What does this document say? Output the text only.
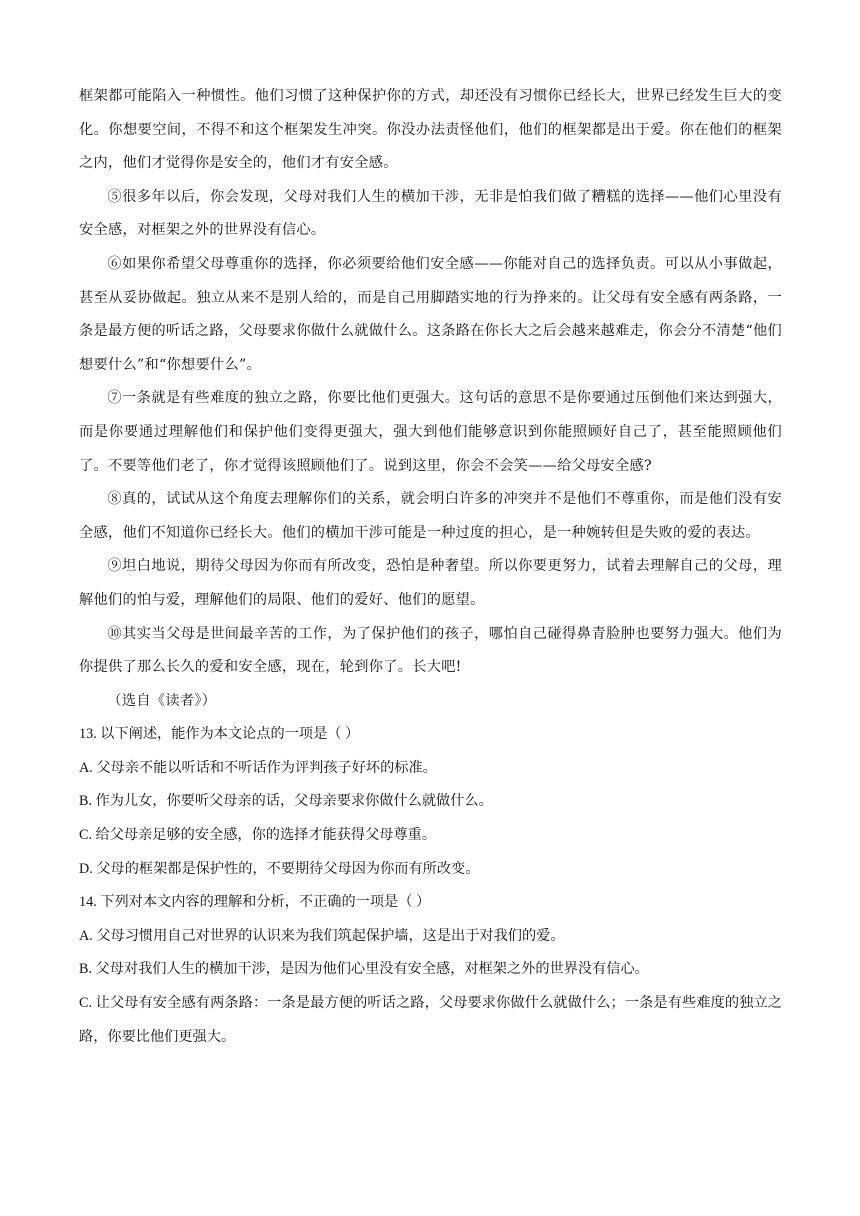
框架都可能陷入一种惯性。他们习惯了这种保护你的方式，却还没有习惯你已经长大，世界已经发生巨大的变化。你想要空间，不得不和这个框架发生冲突。你没办法责怪他们，他们的框架都是出于爱。你在他们的框架之内，他们才觉得你是安全的，他们才有安全感。

⑤很多年以后，你会发现，父母对我们人生的横加干涉，无非是怕我们做了糟糕的选择——他们心里没有安全感，对框架之外的世界没有信心。

⑥如果你希望父母尊重你的选择，你必须要给他们安全感——你能对自己的选择负责。可以从小事做起，甚至从妥协做起。独立从来不是别人给的，而是自己用脚踏实地的行为挣来的。让父母有安全感有两条路，一条是最方便的听话之路，父母要求你做什么就做什么。这条路在你长大之后会越来越难走，你会分不清楚“他们想要什么”和“你想要什么”。

⑦一条就是有些难度的独立之路，你要比他们更强大。这句话的意思不是你要通过压倒他们来达到强大，而是你要通过理解他们和保护他们变得更强大，强大到他们能够意识到你能照顾好自己了，甚至能照顾他们了。不要等他们老了，你才觉得该照顾他们了。说到这里，你会不会笑——给父母安全感?

⑧真的，试试从这个角度去理解你们的关系，就会明白许多的冲突并不是他们不尊重你，而是他们没有安全感，他们不知道你已经长大。他们的横加干涉可能是一种过度的担心，是一种婉转但是失败的爱的表达。

⑨坦白地说，期待父母因为你而有所改变，恐怕是种奢望。所以你要更努力，试着去理解自己的父母，理解他们的怕与爱，理解他们的局限、他们的爱好、他们的愿望。

⑩其实当父母是世间最辛苦的工作，为了保护他们的孩子，哪怕自己碰得鼻青脸肿也要努力强大。他们为你提供了那么长久的爱和安全感，现在，轮到你了。长大吧!

（选自《读者》）

13. 以下阐述，能作为本文论点的一项是（ ）

A. 父母亲不能以听话和不听话作为评判孩子好坏的标准。

B. 作为儿女，你要听父母亲的话，父母亲要求你做什么就做什么。

C. 给父母亲足够的安全感，你的选择才能获得父母尊重。

D. 父母的框架都是保护性的，不要期待父母因为你而有所改变。

14. 下列对本文内容的理解和分析，不正确的一项是（ ）

A. 父母习惯用自己对世界的认识来为我们筑起保护墙，这是出于对我们的爱。

B. 父母对我们人生的横加干涉，是因为他们心里没有安全感，对框架之外的世界没有信心。

C. 让父母有安全感有两条路：一条是最方便的听话之路，父母要求你做什么就做什么；一条是有些难度的独立之路，你要比他们更强大。
